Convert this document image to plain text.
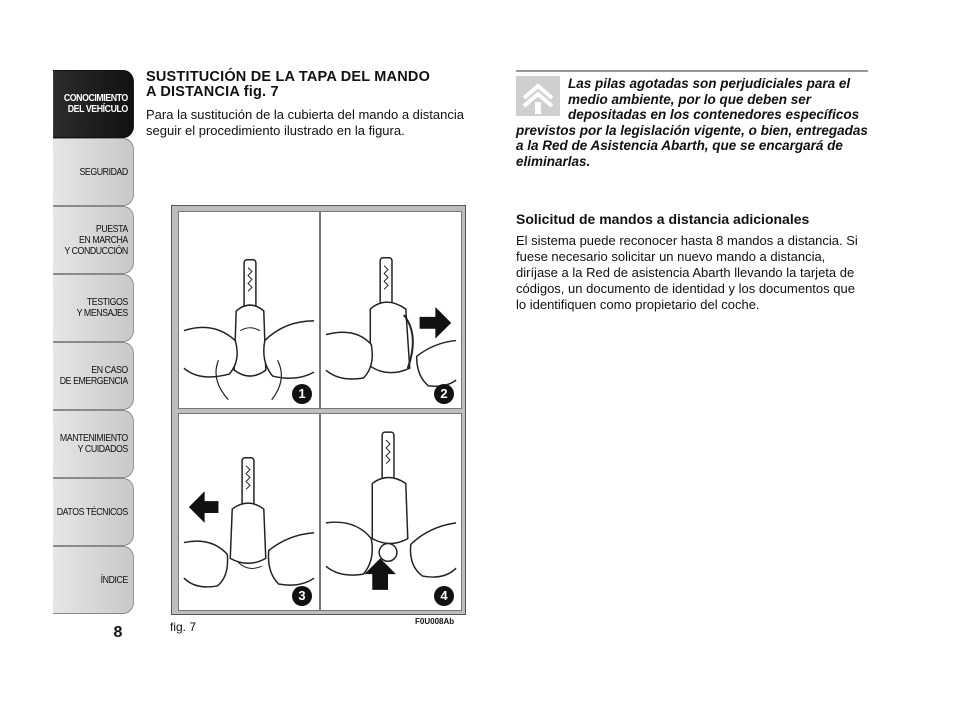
CONOCIMIENTO
DEL VEHÍCULO
SEGURIDAD
PUESTA
EN MARCHA
Y CONDUCCIÓN
TESTIGOS
Y MENSAJES
EN CASO
DE EMERGENCIA
MANTENIMIENTO
Y CUIDADOS
DATOS TÉCNICOS
ÍNDICE
8
SUSTITUCIÓN DE LA TAPA DEL MANDO
A DISTANCIA fig. 7

Para la sustitución de la cubierta del mando a distancia seguir el procedimiento ilustrado en la figura.

1	2
3	4
fig. 7	F0U008Ab

Las pilas agotadas son perjudiciales para el medio ambiente, por lo que deben ser depositadas en los contenedores específicos previstos por la legislación vigente, o bien, entregadas a la Red de Asistencia Abarth, que se encargará de eliminarlas.

Solicitud de mandos a distancia adicionales

El sistema puede reconocer hasta 8 mandos a distancia. Si fuese necesario solicitar un nuevo mando a distancia, diríjase a la Red de asistencia Abarth llevando la tarjeta de códigos, un documento de identidad y los documentos que lo identifiquen como propietario del coche.
